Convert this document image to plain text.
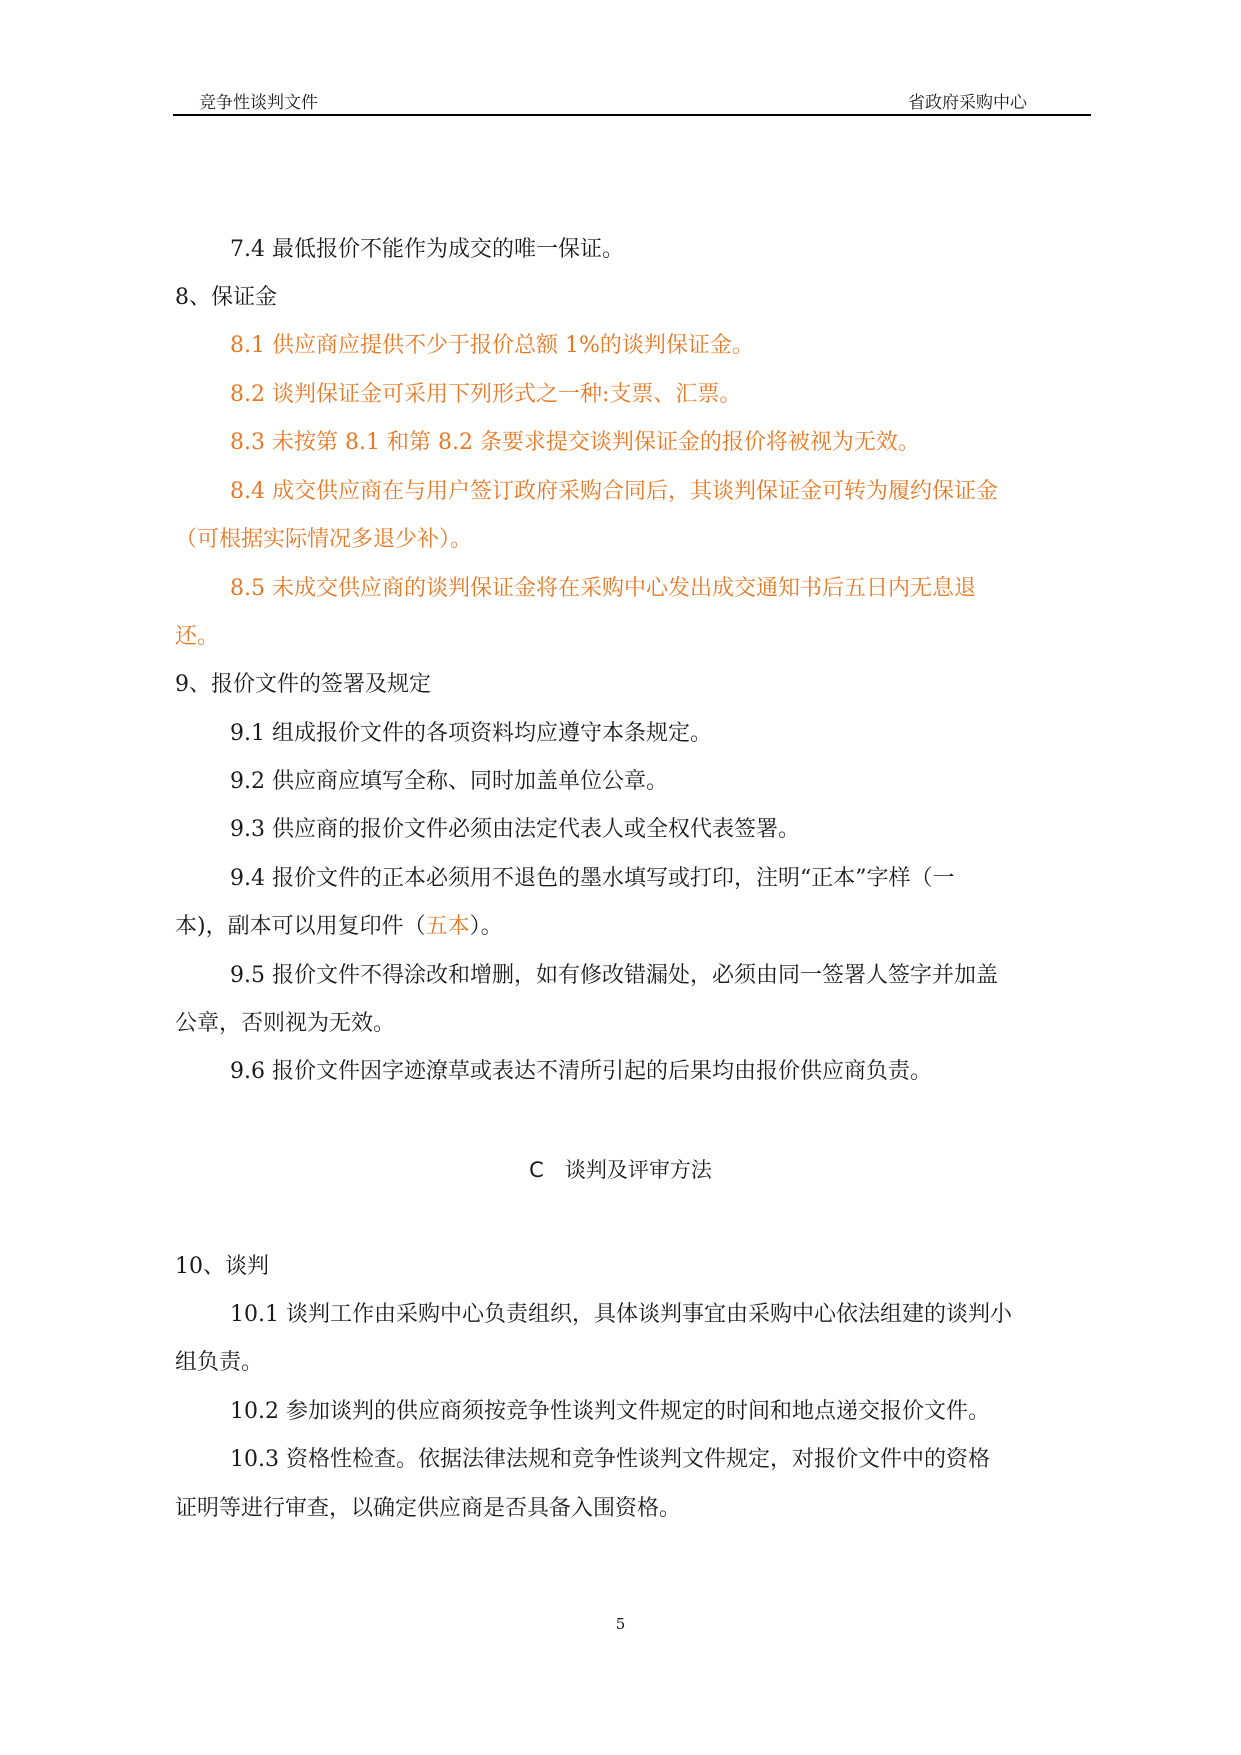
竞争性谈判文件	省政府采购中心
7.4 最低报价不能作为成交的唯一保证。
8、保证金
8.1 供应商应提供不少于报价总额 1%的谈判保证金。
8.2 谈判保证金可采用下列形式之一种:支票、汇票。
8.3 未按第 8.1 和第 8.2 条要求提交谈判保证金的报价将被视为无效。
8.4 成交供应商在与用户签订政府采购合同后，其谈判保证金可转为履约保证金
（可根据实际情况多退少补）。
8.5 未成交供应商的谈判保证金将在采购中心发出成交通知书后五日内无息退
还。
9、报价文件的签署及规定
9.1 组成报价文件的各项资料均应遵守本条规定。
9.2 供应商应填写全称、同时加盖单位公章。
9.3 供应商的报价文件必须由法定代表人或全权代表签署。
9.4 报价文件的正本必须用不退色的墨水填写或打印，注明“正本”字样（一
本)，副本可以用复印件（五本）。
9.5 报价文件不得涂改和增删，如有修改错漏处，必须由同一签署人签字并加盖
公章，否则视为无效。
9.6 报价文件因字迹潦草或表达不清所引起的后果均由报价供应商负责。
C　谈判及评审方法
10、谈判
10.1 谈判工作由采购中心负责组织，具体谈判事宜由采购中心依法组建的谈判小
组负责。
10.2 参加谈判的供应商须按竞争性谈判文件规定的时间和地点递交报价文件。
10.3 资格性检查。依据法律法规和竞争性谈判文件规定，对报价文件中的资格
证明等进行审查，以确定供应商是否具备入围资格。
5
